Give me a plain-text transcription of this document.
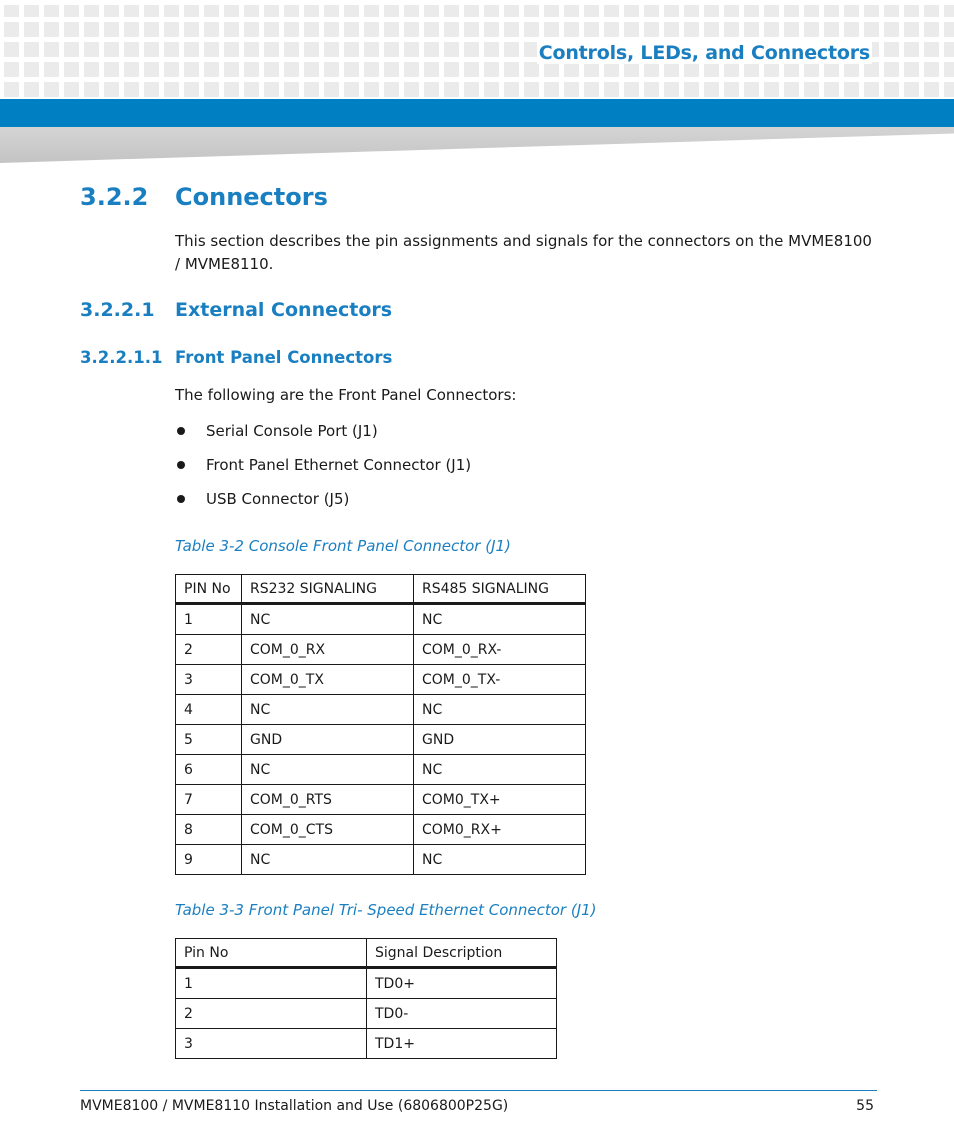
Controls, LEDs, and Connectors
3.2.2 Connectors

This section describes the pin assignments and signals for the connectors on the MVME8100 / MVME8110.

3.2.2.1 External Connectors
3.2.2.1.1 Front Panel Connectors

The following are the Front Panel Connectors:

Serial Console Port (J1)
Front Panel Ethernet Connector (J1)
USB Connector (J5)

Table 3-2 Console Front Panel Connector (J1)

PIN No	RS232 SIGNALING	RS485 SIGNALING
1	NC	NC
2	COM_0_RX	COM_0_RX-
3	COM_0_TX	COM_0_TX-
4	NC	NC
5	GND	GND
6	NC	NC
7	COM_0_RTS	COM0_TX+
8	COM_0_CTS	COM0_RX+
9	NC	NC

Table 3-3 Front Panel Tri- Speed Ethernet Connector (J1)

Pin No	Signal Description
1	TD0+
2	TD0-
3	TD1+
MVME8100 / MVME8110 Installation and Use (6806800P25G)	55
